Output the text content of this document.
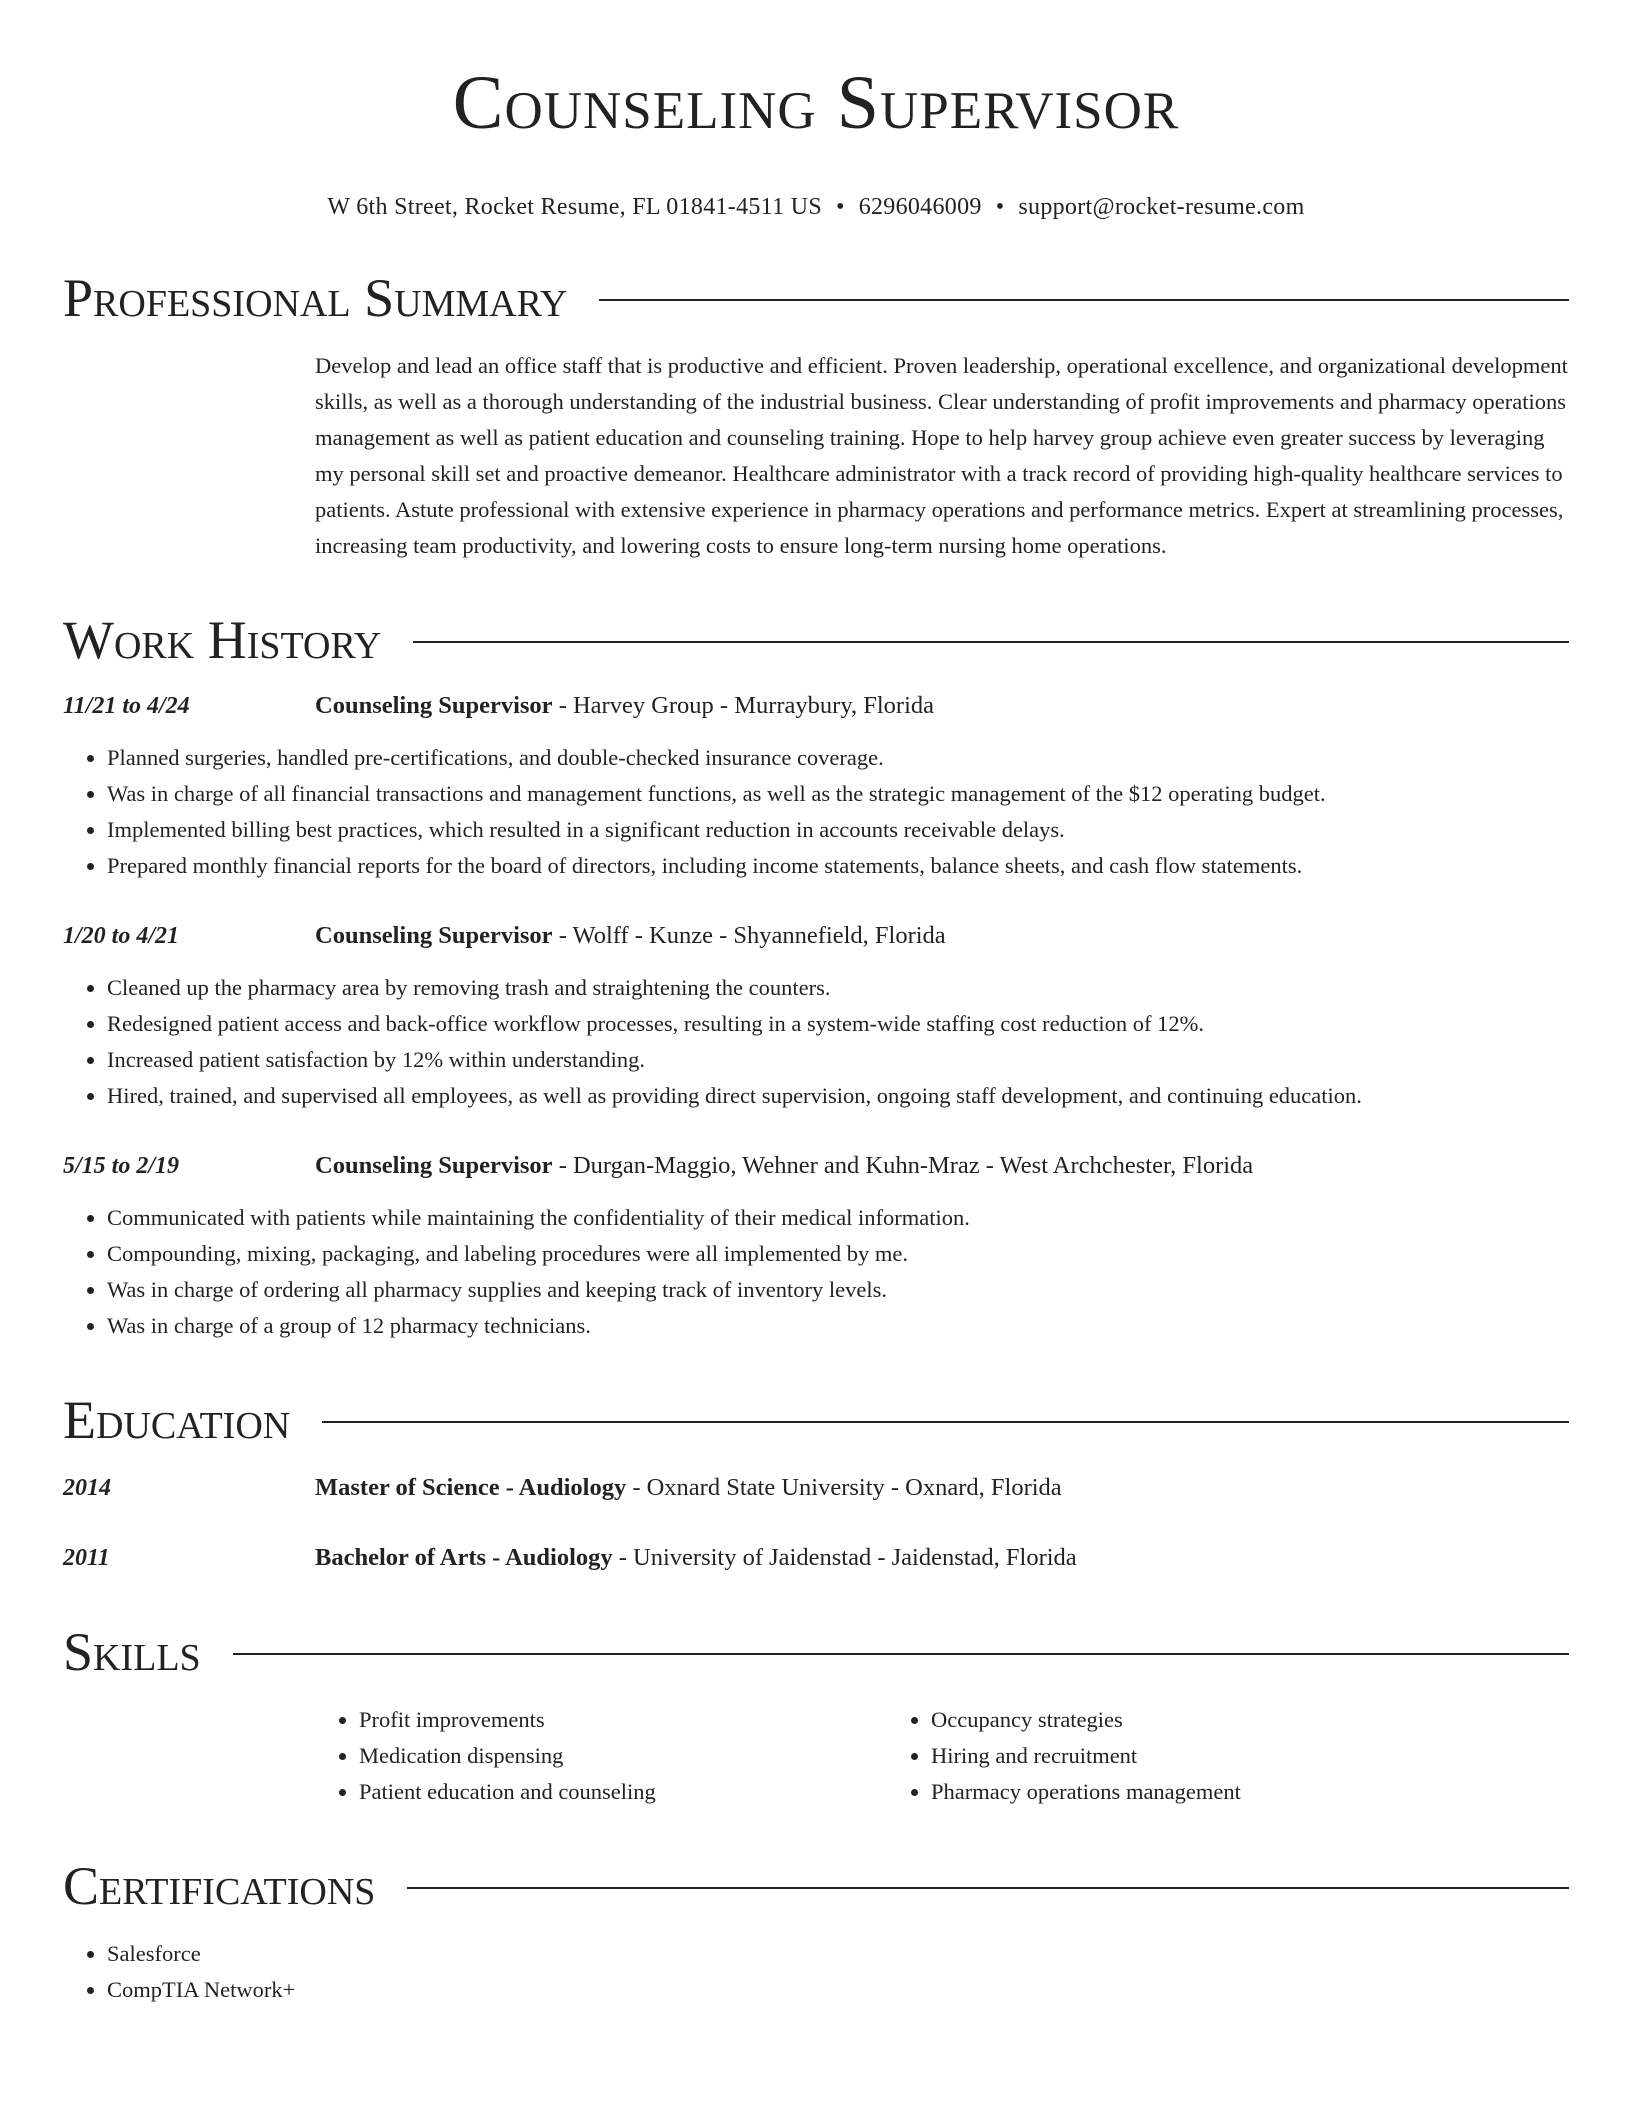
Counseling Supervisor
W 6th Street, Rocket Resume, FL 01841-4511 US • 6296046009 • support@rocket-resume.com
Professional Summary
Develop and lead an office staff that is productive and efficient. Proven leadership, operational excellence, and organizational development skills, as well as a thorough understanding of the industrial business. Clear understanding of profit improvements and pharmacy operations management as well as patient education and counseling training. Hope to help harvey group achieve even greater success by leveraging my personal skill set and proactive demeanor. Healthcare administrator with a track record of providing high-quality healthcare services to patients. Astute professional with extensive experience in pharmacy operations and performance metrics. Expert at streamlining processes, increasing team productivity, and lowering costs to ensure long-term nursing home operations.
Work History
11/21 to 4/24	Counseling Supervisor - Harvey Group - Murraybury, Florida
• Planned surgeries, handled pre-certifications, and double-checked insurance coverage.
• Was in charge of all financial transactions and management functions, as well as the strategic management of the $12 operating budget.
• Implemented billing best practices, which resulted in a significant reduction in accounts receivable delays.
• Prepared monthly financial reports for the board of directors, including income statements, balance sheets, and cash flow statements.
1/20 to 4/21	Counseling Supervisor - Wolff - Kunze - Shyannefield, Florida
• Cleaned up the pharmacy area by removing trash and straightening the counters.
• Redesigned patient access and back-office workflow processes, resulting in a system-wide staffing cost reduction of 12%.
• Increased patient satisfaction by 12% within understanding.
• Hired, trained, and supervised all employees, as well as providing direct supervision, ongoing staff development, and continuing education.
5/15 to 2/19	Counseling Supervisor - Durgan-Maggio, Wehner and Kuhn-Mraz - West Archchester, Florida
• Communicated with patients while maintaining the confidentiality of their medical information.
• Compounding, mixing, packaging, and labeling procedures were all implemented by me.
• Was in charge of ordering all pharmacy supplies and keeping track of inventory levels.
• Was in charge of a group of 12 pharmacy technicians.
Education
2014	Master of Science - Audiology - Oxnard State University - Oxnard, Florida
2011	Bachelor of Arts - Audiology - University of Jaidenstad - Jaidenstad, Florida
Skills
• Profit improvements
• Medication dispensing
• Patient education and counseling
• Occupancy strategies
• Hiring and recruitment
• Pharmacy operations management
Certifications
• Salesforce
• CompTIA Network+
